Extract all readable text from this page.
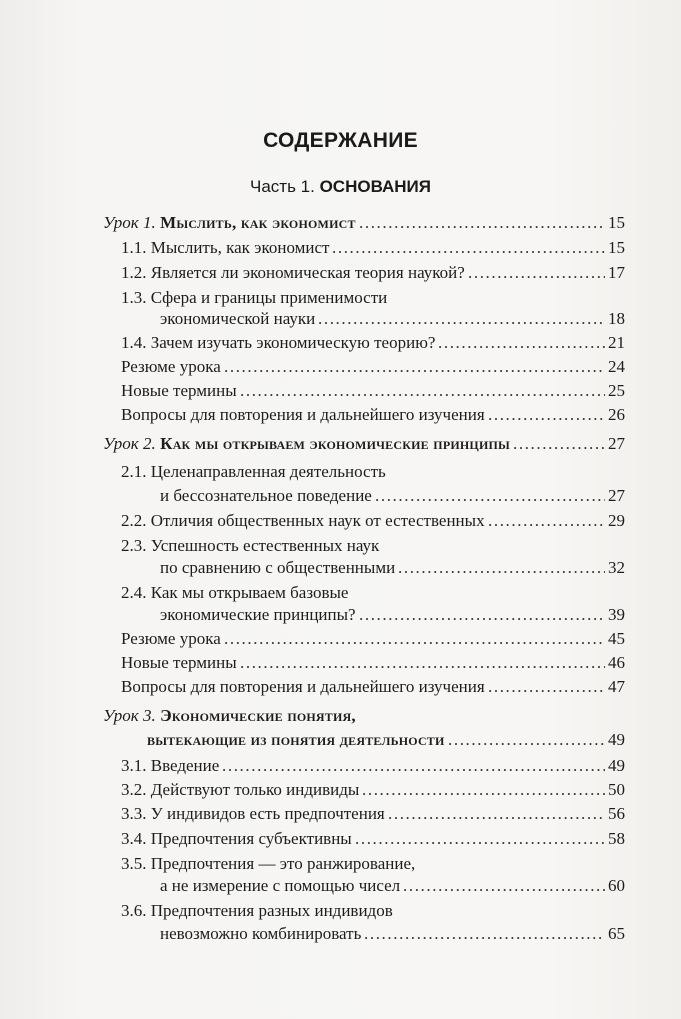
СОДЕРЖАНИЕ
Часть 1. ОСНОВАНИЯ
Урок 1. Мыслить, как экономист	15
.....
1.1. Мыслить, как экономист	15
.....
1.2. Является ли экономическая теория наукой?	17
.....
1.3. Сфера и границы применимости
экономической науки	18
.....
1.4. Зачем изучать экономическую теорию?	21
.....
Резюме урока	24
.....
Новые термины	25
.....
Вопросы для повторения и дальнейшего изучения	26
.....
Урок 2. Как мы открываем экономические принципы	27
.....
2.1. Целенаправленная деятельность
и бессознательное поведение	27
.....
2.2. Отличия общественных наук от естественных	29
.....
2.3. Успешность естественных наук
по сравнению с общественными	32
.....
2.4. Как мы открываем базовые
экономические принципы?	39
.....
Резюме урока	45
.....
Новые термины	46
.....
Вопросы для повторения и дальнейшего изучения	47
.....
Урок 3. Экономические понятия,
вытекающие из понятия деятельности	49
.....
3.1. Введение	49
.....
3.2. Действуют только индивиды	50
.....
3.3. У индивидов есть предпочтения	56
.....
3.4. Предпочтения субъективны	58
.....
3.5. Предпочтения — это ранжирование,
а не измерение с помощью чисел	60
.....
3.6. Предпочтения разных индивидов
невозможно комбинировать	65
.....
